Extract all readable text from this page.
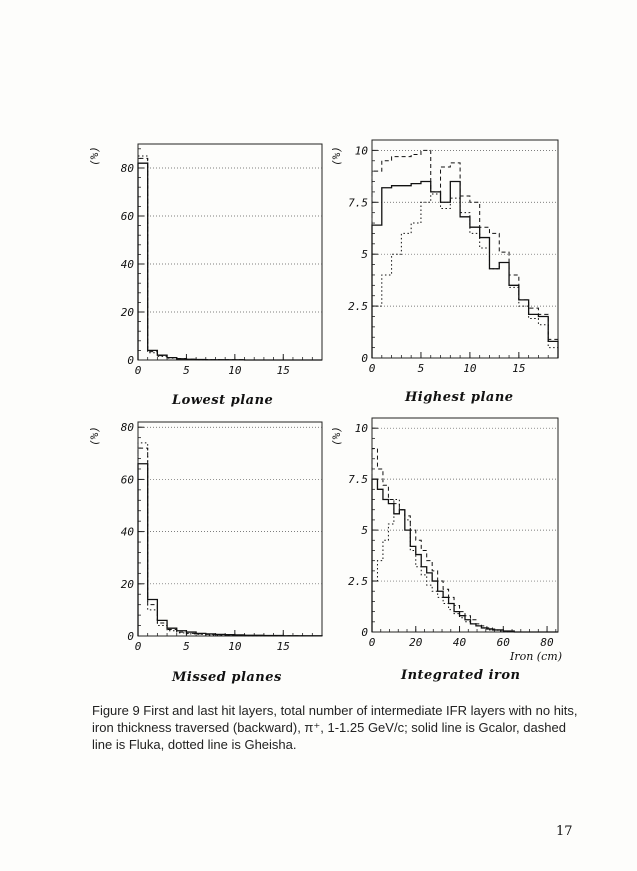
0
20
40
60
80
0	5	10	15
0
2.5
5
7.5
10
0	5	10	15
0
20
40
60
80
0	5	10	15
0
2.5
5
7.5
10
0	20	40	60	80
(%)
Lowest plane
(%)
Highest plane
(%)
Missed planes
(%)
Iron (cm)
Integrated iron
Figure 9 First and last hit layers, total number of intermediate IFR layers with no hits, iron thickness traversed (backward), π⁺, 1-1.25 GeV/c; solid line is Gcalor, dashed line is Fluka, dotted line is Gheisha.
17
